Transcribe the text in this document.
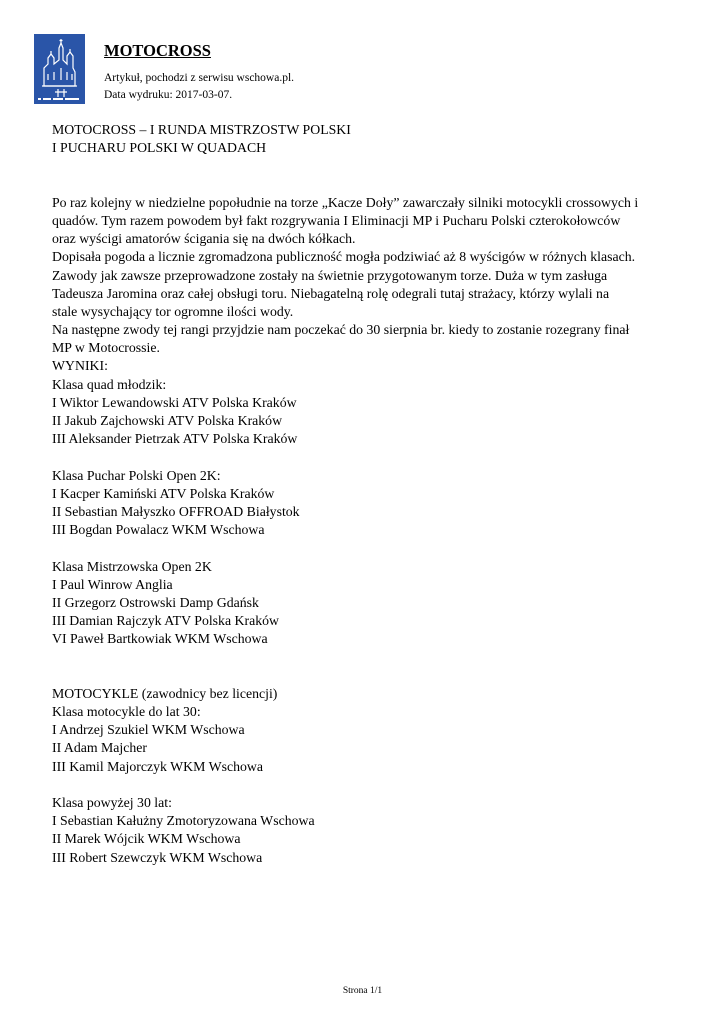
MOTOCROSS
Artykuł, pochodzi z serwisu wschowa.pl.
Data wydruku: 2017-03-07.
MOTOCROSS – I RUNDA MISTRZOSTW POLSKI
I PUCHARU POLSKI W QUADACH
Po raz kolejny w niedzielne popołudnie na torze „Kacze Doły” zawarczały silniki motocykli crossowych i
quadów. Tym razem powodem był fakt rozgrywania I Eliminacji MP i Pucharu Polski czterokołowców
oraz wyścigi amatorów ścigania się na dwóch kółkach.
Dopisała pogoda a licznie zgromadzona publiczność mogła podziwiać aż 8 wyścigów w różnych klasach.
Zawody jak zawsze przeprowadzone zostały na świetnie przygotowanym torze. Duża w tym zasługa
Tadeusza Jaromina oraz całej obsługi toru. Niebagatelną rolę odegrali tutaj strażacy, którzy wylali na
stale wysychający tor ogromne ilości wody.
Na następne zwody tej rangi przyjdzie nam poczekać do 30 sierpnia br. kiedy to zostanie rozegrany finał
MP w Motocrossie.
WYNIKI:
Klasa quad młodzik:
I Wiktor Lewandowski ATV Polska Kraków
II Jakub Zajchowski ATV Polska Kraków
III Aleksander Pietrzak ATV Polska Kraków
Klasa Puchar Polski Open 2K:
I Kacper Kamiński ATV Polska Kraków
II Sebastian Małyszko OFFROAD Białystok
III Bogdan Powalacz WKM Wschowa
Klasa Mistrzowska Open 2K
I Paul Winrow Anglia
II Grzegorz Ostrowski Damp Gdańsk
III Damian Rajczyk ATV Polska Kraków
VI Paweł Bartkowiak WKM Wschowa
MOTOCYKLE (zawodnicy bez licencji)
Klasa motocykle do lat 30:
I Andrzej Szukiel WKM Wschowa
II Adam Majcher
III Kamil Majorczyk WKM Wschowa
Klasa powyżej 30 lat:
I Sebastian Kałużny Zmotoryzowana Wschowa
II Marek Wójcik WKM Wschowa
III Robert Szewczyk WKM Wschowa
Strona 1/1
